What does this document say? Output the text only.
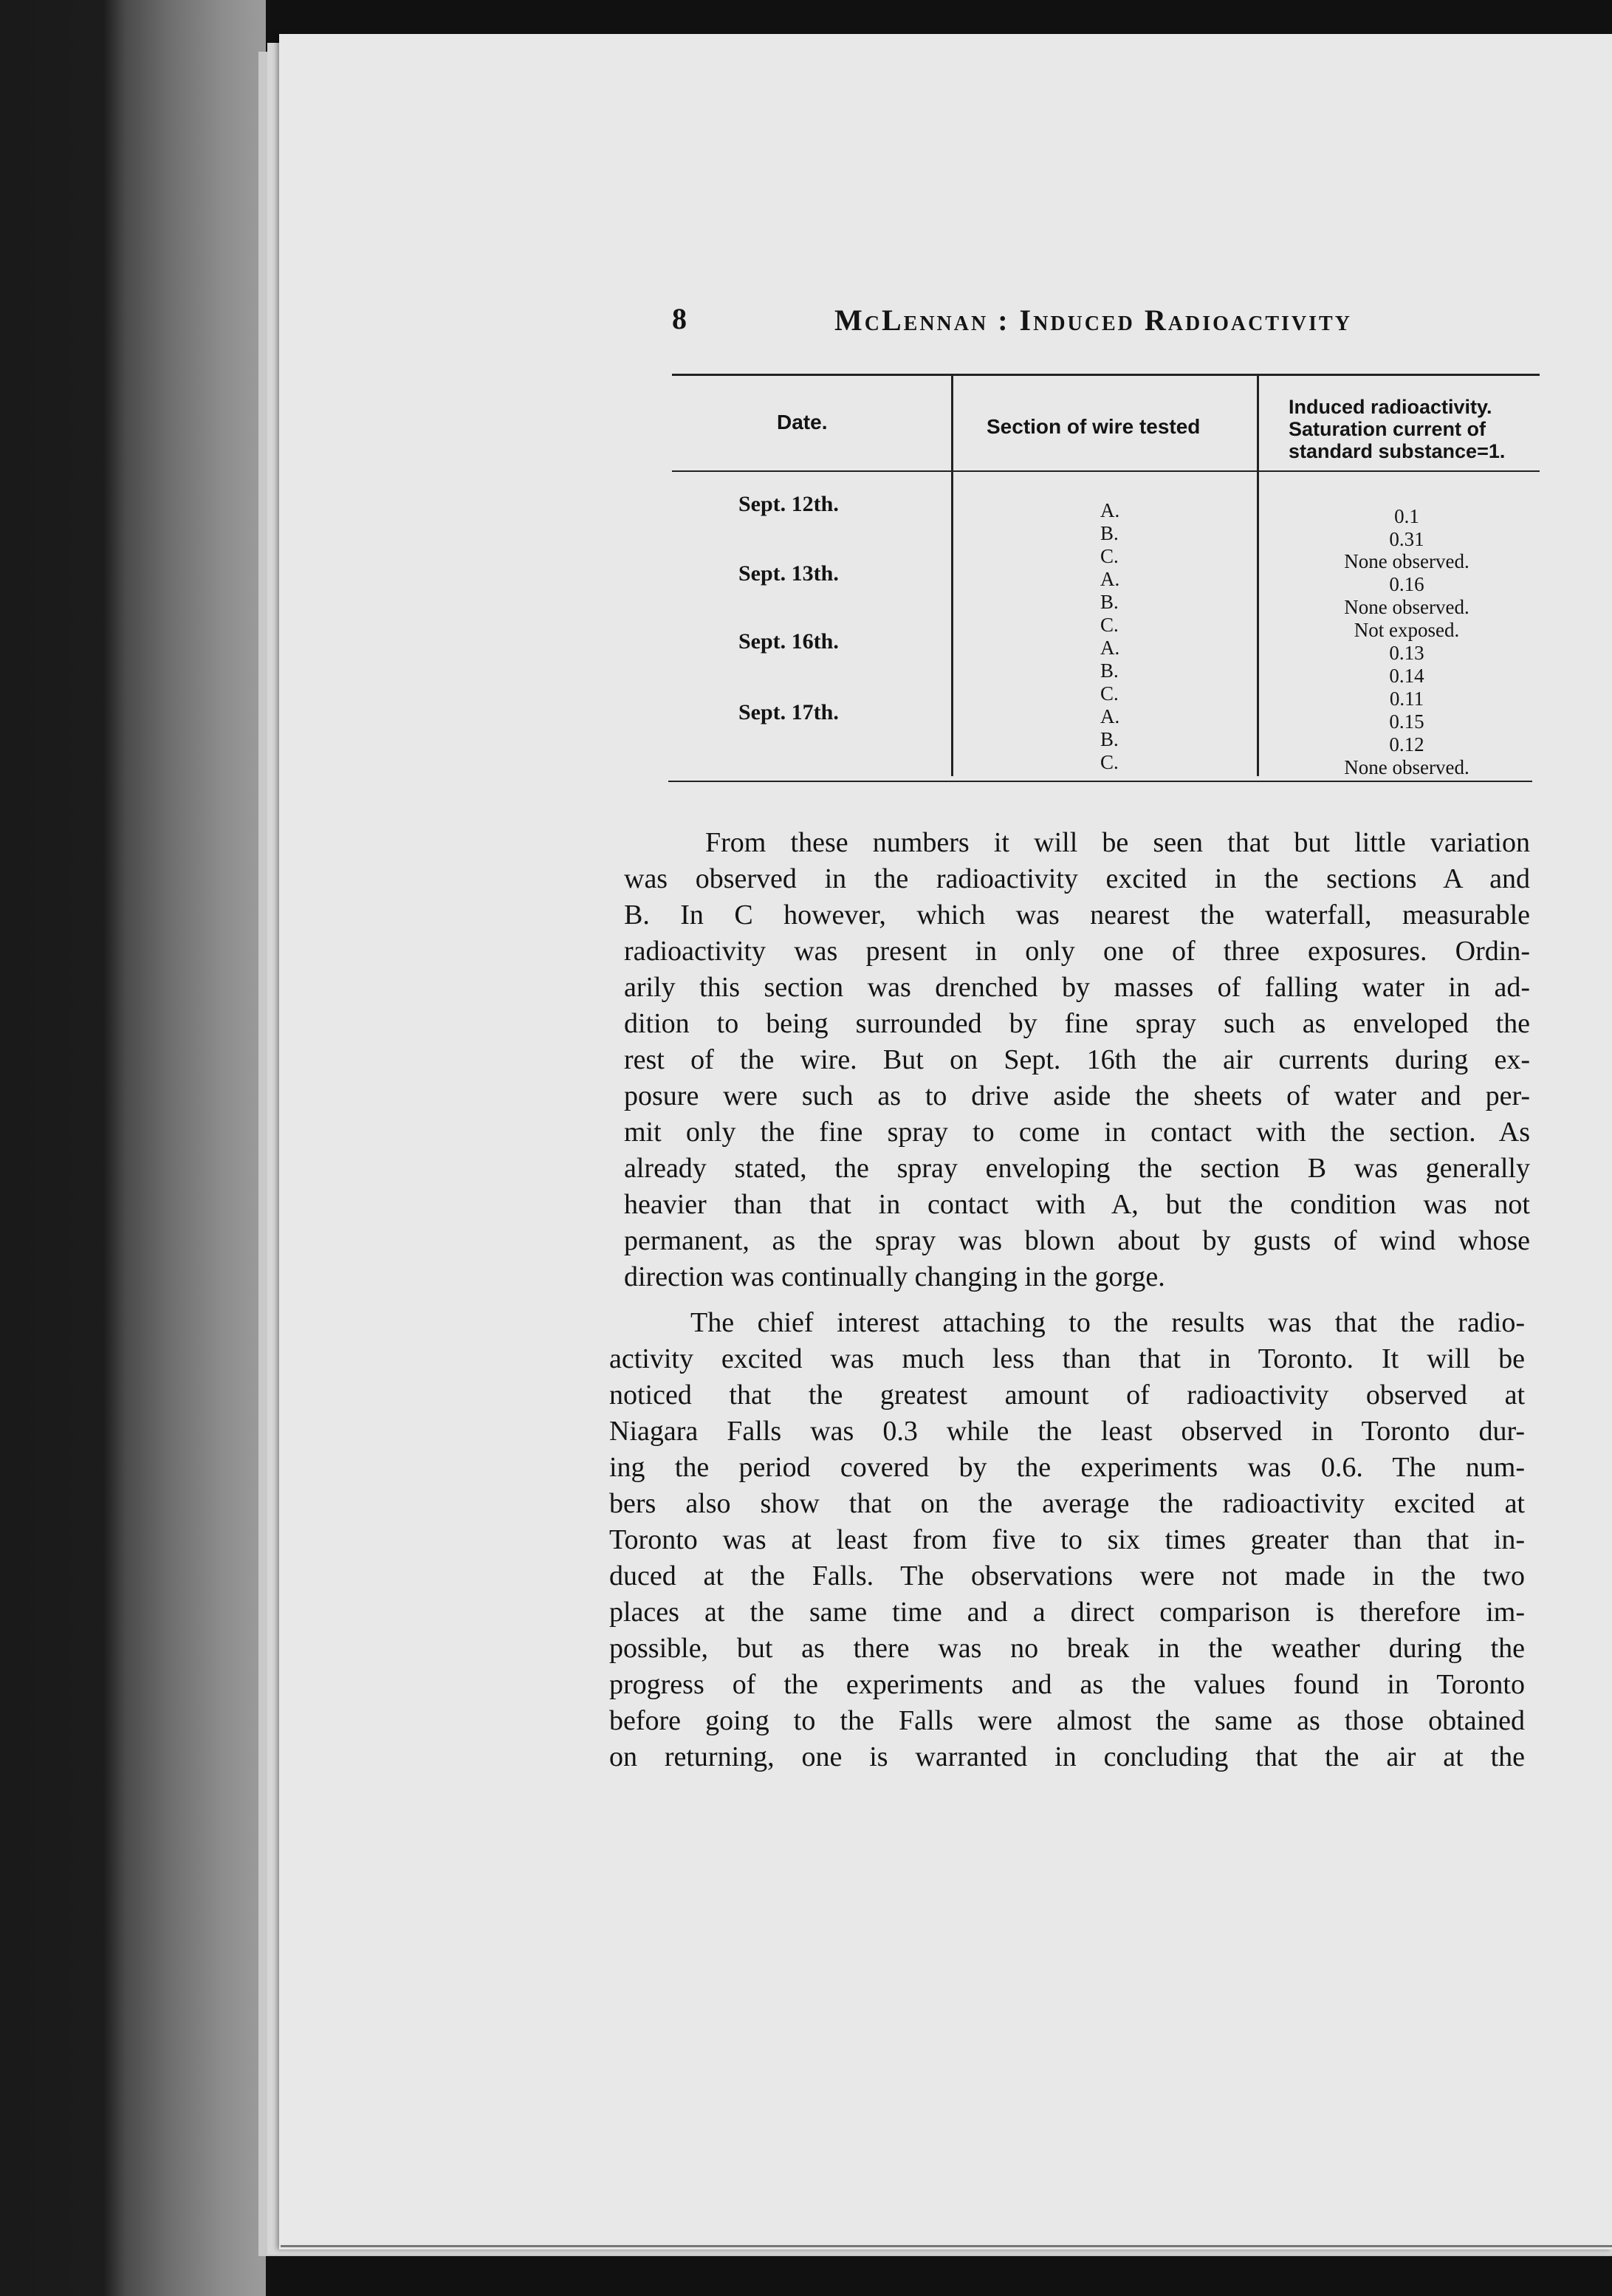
8	McLennan : Induced Radioactivity
Date.	Section of wire tested
Induced radioactivity.
Saturation current of
standard substance=1.
Sept. 12th.
Sept. 13th.
Sept. 16th.
Sept. 17th.
A.
B.
C.
A.
B.
C.
A.
B.
C.
A.
B.
C.
0.1
0.31
None observed.
0.16
None observed.
Not exposed.
0.13
0.14
0.11
0.15
0.12
None observed.
From these numbers it will be seen that but little variation
was observed in the radioactivity excited in the sections A and
B. In C however, which was nearest the waterfall, measurable
radioactivity was present in only one of three exposures. Ordin-
arily this section was drenched by masses of falling water in ad-
dition to being surrounded by fine spray such as enveloped the
rest of the wire. But on Sept. 16th the air currents during ex-
posure were such as to drive aside the sheets of water and per-
mit only the fine spray to come in contact with the section. As
already stated, the spray enveloping the section B was generally
heavier than that in contact with A, but the condition was not
permanent, as the spray was blown about by gusts of wind whose
direction was continually changing in the gorge.
The chief interest attaching to the results was that the radio-
activity excited was much less than that in Toronto. It will be
noticed that the greatest amount of radioactivity observed at
Niagara Falls was 0.3 while the least observed in Toronto dur-
ing the period covered by the experiments was 0.6. The num-
bers also show that on the average the radioactivity excited at
Toronto was at least from five to six times greater than that in-
duced at the Falls. The observations were not made in the two
places at the same time and a direct comparison is therefore im-
possible, but as there was no break in the weather during the
progress of the experiments and as the values found in Toronto
before going to the Falls were almost the same as those obtained
on returning, one is warranted in concluding that the air at the
